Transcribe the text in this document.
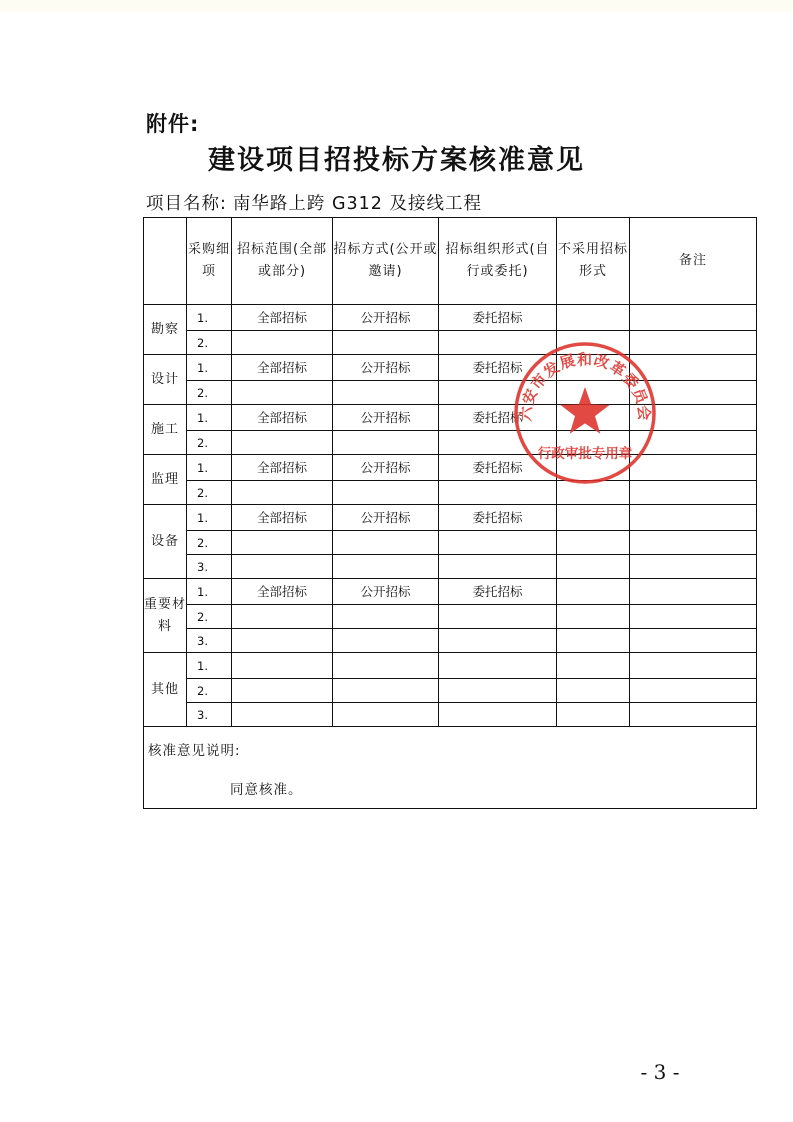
附件:
建设项目招投标方案核准意见
项目名称: 南华路上跨 G312 及接线工程
	采购细项	招标范围(全部或部分)	招标方式(公开或邀请)	招标组织形式(自行或委托)	不采用招标形式	备注
勘察	1.	全部招标	公开招标	委托招标		
	2.					
设计	1.	全部招标	公开招标	委托招标		
	2.					
施工	1.	全部招标	公开招标	委托招标		
	2.					
监理	1.	全部招标	公开招标	委托招标		
	2.					
设备	1.	全部招标	公开招标	委托招标		
	2.					
	3.					
重要材料	1.	全部招标	公开招标	委托招标		
	2.					
	3.					
其他	1.					
	2.					
	3.					

核准意见说明:
同意核准。						
六安市发展和改革委员会
行政审批专用章
- 3 -
